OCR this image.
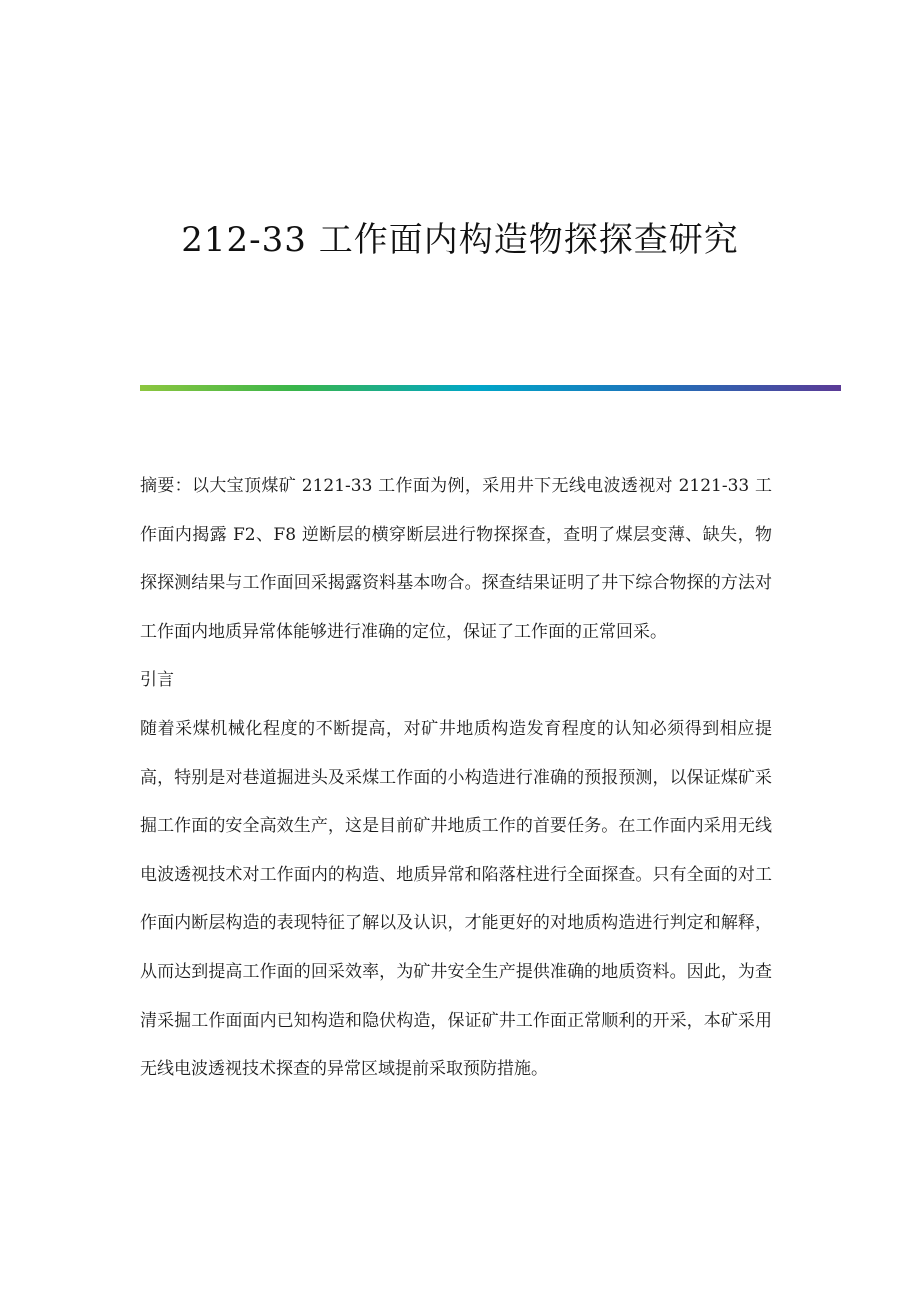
212-33 工作面内构造物探探查研究

摘要：以大宝顶煤矿 2121-33 工作面为例，采用井下无线电波透视对 2121-33 工作面内揭露 F2、F8 逆断层的横穿断层进行物探探查，查明了煤层变薄、缺失，物探探测结果与工作面回采揭露资料基本吻合。探查结果证明了井下综合物探的方法对工作面内地质异常体能够进行准确的定位，保证了工作面的正常回采。

引言

随着采煤机械化程度的不断提高，对矿井地质构造发育程度的认知必须得到相应提高，特别是对巷道掘进头及采煤工作面的小构造进行准确的预报预测，以保证煤矿采掘工作面的安全高效生产，这是目前矿井地质工作的首要任务。在工作面内采用无线电波透视技术对工作面内的构造、地质异常和陷落柱进行全面探查。只有全面的对工作面内断层构造的表现特征了解以及认识，才能更好的对地质构造进行判定和解释，从而达到提高工作面的回采效率，为矿井安全生产提供准确的地质资料。因此，为查清采掘工作面面内已知构造和隐伏构造，保证矿井工作面正常顺利的开采，本矿采用无线电波透视技术探查的异常区域提前采取预防措施。
